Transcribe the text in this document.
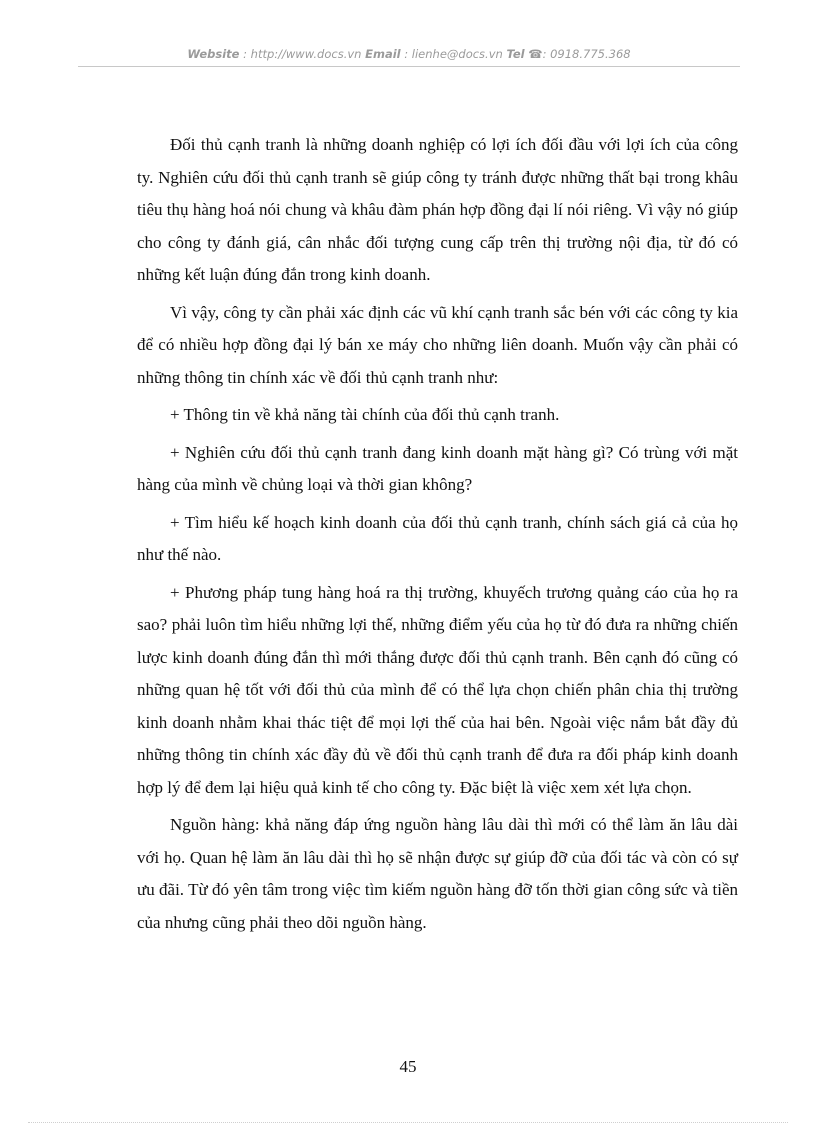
Website : http://www.docs.vn Email : lienhe@docs.vn Tel ☎: 0918.775.368

Đối thủ cạnh tranh là những doanh nghiệp có lợi ích đối đầu với lợi ích của công ty. Nghiên cứu đối thủ cạnh tranh sẽ giúp công ty tránh được những thất bại trong khâu tiêu thụ hàng hoá nói chung và khâu đàm phán hợp đồng đại lí nói riêng. Vì vậy nó giúp cho công ty đánh giá, cân nhắc đối tượng cung cấp trên thị trường nội địa, từ đó có những kết luận đúng đắn trong kinh doanh.

Vì vậy, công ty cần phải xác định các vũ khí cạnh tranh sắc bén với các công ty kia để có nhiều hợp đồng đại lý bán xe máy cho những liên doanh. Muốn vậy cần phải có những thông tin chính xác về đối thủ cạnh tranh như:

+ Thông tin về khả năng tài chính của đối thủ cạnh tranh.

+ Nghiên cứu đối thủ cạnh tranh đang kinh doanh mặt hàng gì? Có trùng với mặt hàng của mình về chủng loại và thời gian không?

+ Tìm hiểu kế hoạch kinh doanh của đối thủ cạnh tranh, chính sách giá cả của họ như thế nào.

+ Phương pháp tung hàng hoá ra thị trường, khuyếch trương quảng cáo của họ ra sao? phải luôn tìm hiểu những lợi thế, những điểm yếu của họ từ đó đưa ra những chiến lược kinh doanh đúng đắn thì mới thắng được đối thủ cạnh tranh. Bên cạnh đó cũng có những quan hệ tốt với đối thủ của mình để có thể lựa chọn chiến phân chia thị trường kinh doanh nhằm khai thác tiệt để mọi lợi thế của hai bên. Ngoài việc nắm bắt đầy đủ những thông tin chính xác đầy đủ về đối thủ cạnh tranh để đưa ra đối pháp kinh doanh hợp lý để đem lại hiệu quả kinh tế cho công ty. Đặc biệt là việc xem xét lựa chọn.

Nguồn hàng: khả năng đáp ứng nguồn hàng lâu dài thì mới có thể làm ăn lâu dài với họ. Quan hệ làm ăn lâu dài thì họ sẽ nhận được sự giúp đỡ của đối tác và còn có sự ưu đãi. Từ đó yên tâm trong việc tìm kiếm nguồn hàng đỡ tốn thời gian công sức và tiền của nhưng cũng phải theo dõi nguồn hàng.

45
